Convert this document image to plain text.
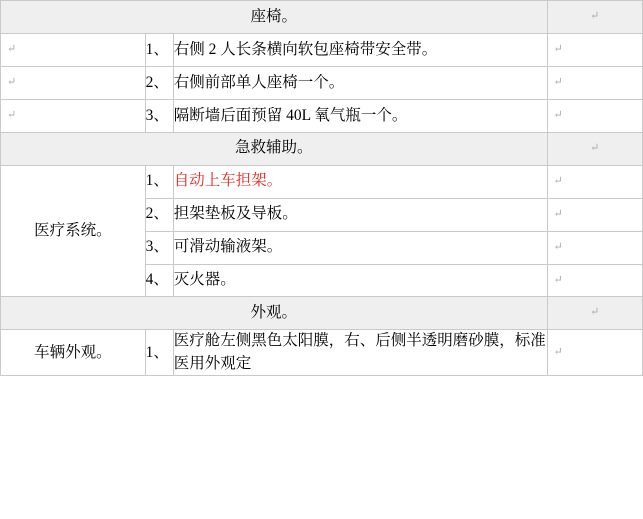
座椅。			↵

↵	1、	右侧 2 人长条横向软包座椅带安全带。	↵

↵	2、	右侧前部单人座椅一个。	↵

↵	3、	隔断墙后面预留 40L 氧气瓶一个。	↵

急救辅助。			↵

医疗系统。	1、	自动上车担架。	↵

	2、	担架垫板及导板。	↵

	3、	可滑动输液架。	↵

	4、	灭火器。	↵

外观。			↵

车辆外观。	1、	医疗舱左侧黑色太阳膜，右、后侧半透明磨砂膜，标准医用外观定	↵
